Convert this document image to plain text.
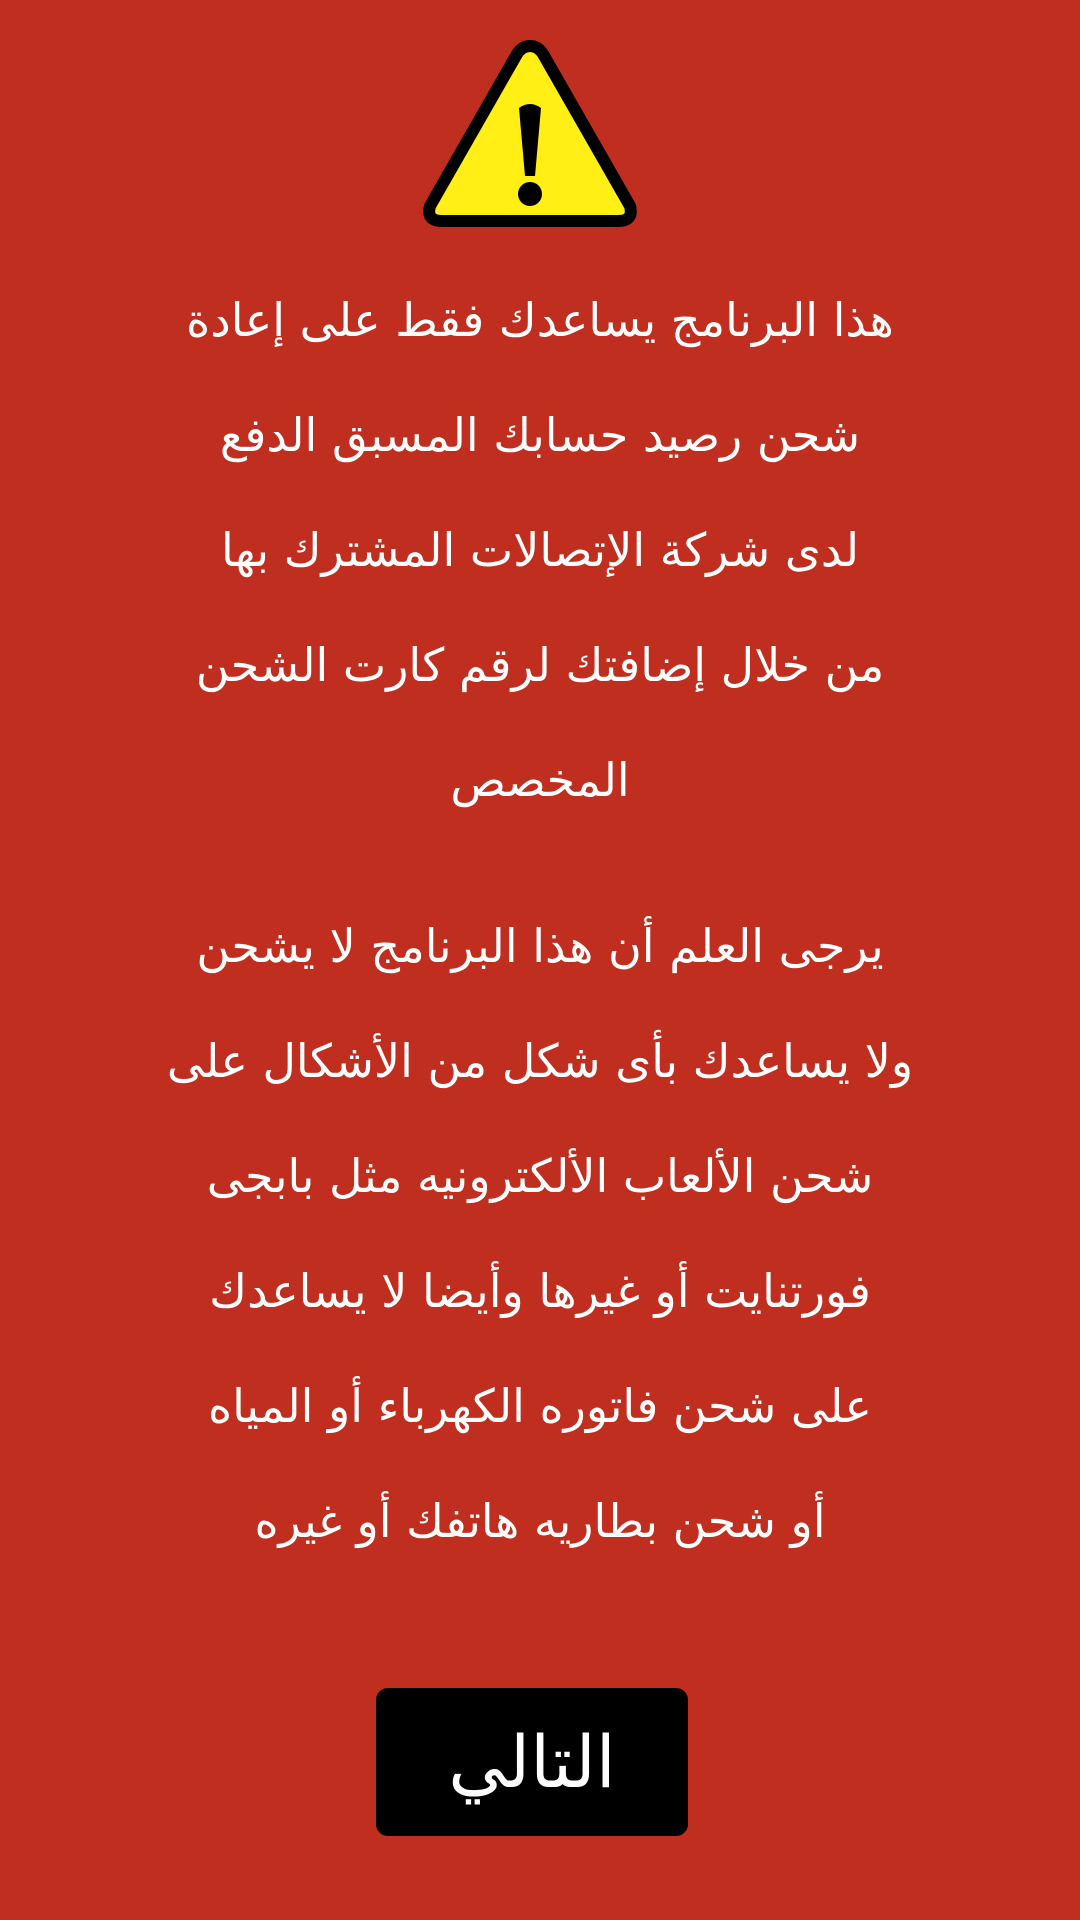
هذا البرنامج يساعدك فقط على إعادة
شحن رصيد حسابك المسبق الدفع
لدى شركة الإتصالات المشترك بها
من خلال إضافتك لرقم كارت الشحن
المخصص
يرجى العلم أن هذا البرنامج لا يشحن
ولا يساعدك بأى شكل من الأشكال على
شحن الألعاب الألكترونيه مثل بابجى
فورتنايت أو غيرها وأيضا لا يساعدك
على شحن فاتوره الكهرباء أو المياه
أو شحن بطاريه هاتفك أو غيره
التالي
